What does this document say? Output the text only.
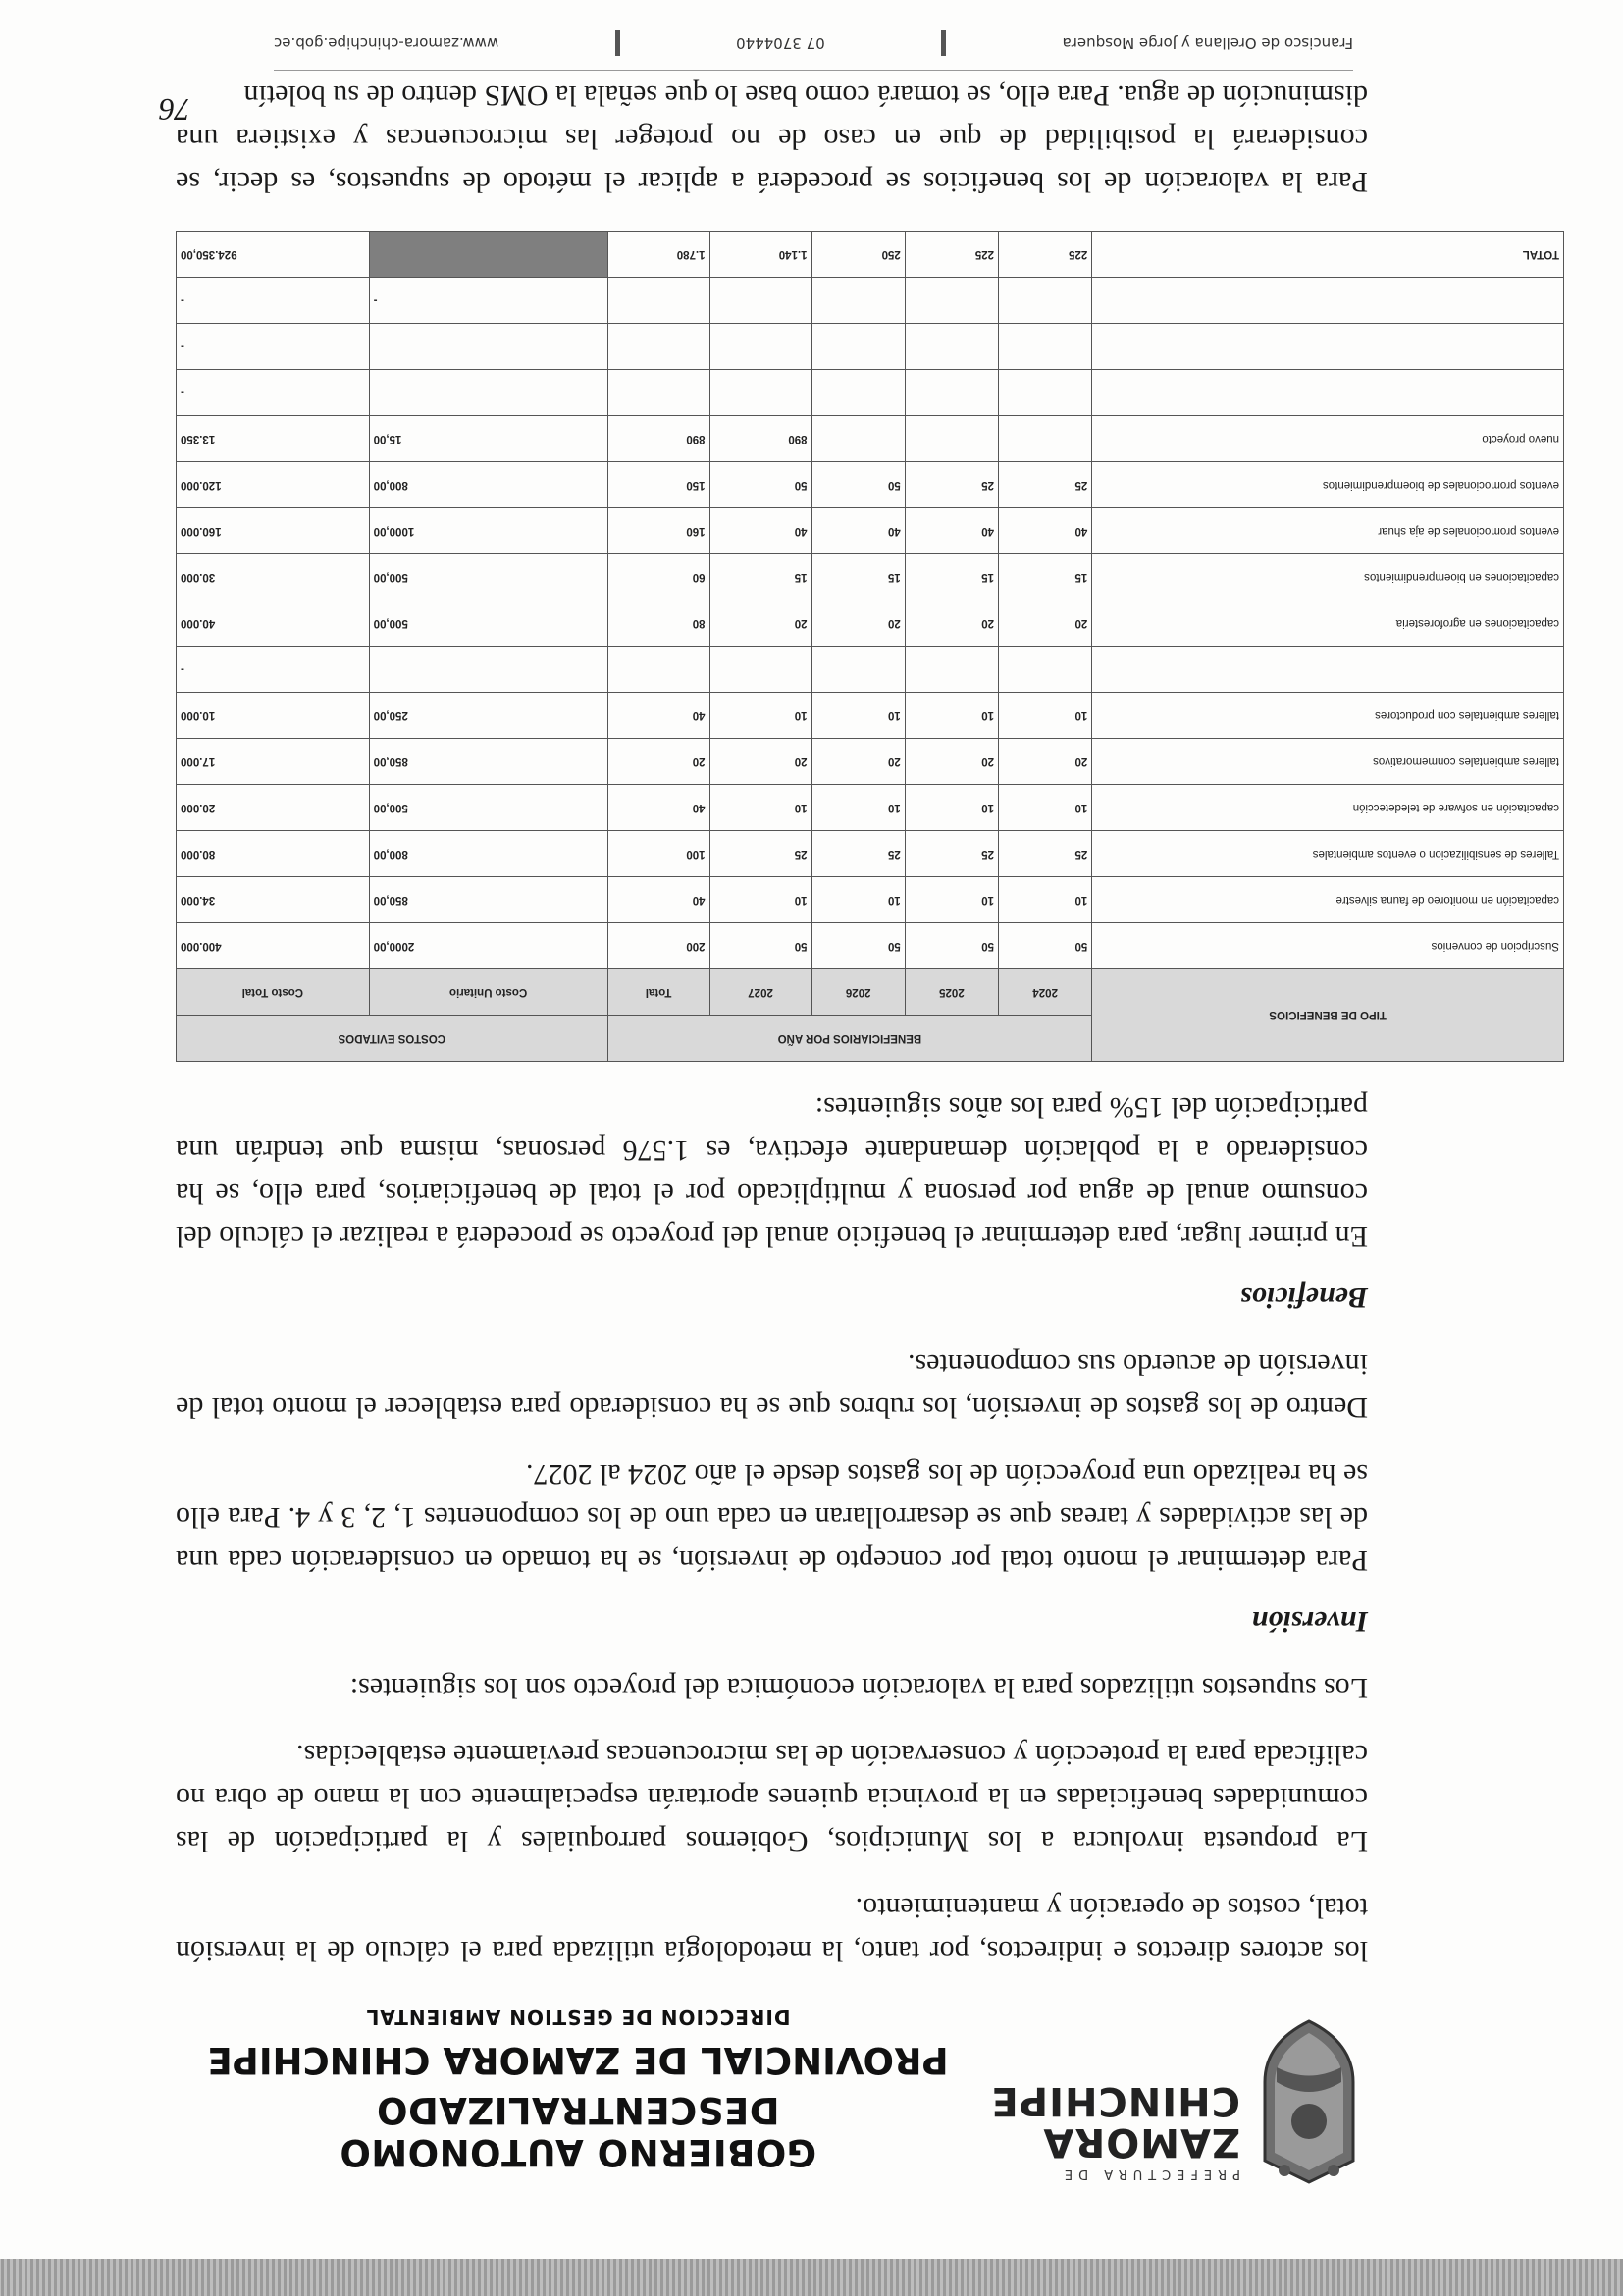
PREFECTURA DE
ZAMORA
CHINCHIPE
GOBIERNO AUTONOMO DESCENTRALIZADO
PROVINCIAL DE ZAMORA CHINCHIPE
DIRECCION DE GESTION AMBIENTAL

los actores directos e indirectos, por tanto, la metodología utilizada para el cálculo de la inversión total, costos de operación y mantenimiento.

La propuesta involucra a los Municipios, Gobiernos parroquiales y la participación de las comunidades beneficiadas en la provincia quienes aportarán especialmente con la mano de obra no calificada para la protección y conservación de las microcuencas previamente establecidas.

Los supuestos utilizados para la valoración económica del proyecto son los siguientes:

Inversión

Para determinar el monto total por concepto de inversión, se ha tomado en consideración cada una de las actividades y tareas que se desarrollaran en cada uno de los componentes 1, 2, 3 y 4. Para ello se ha realizado una proyección de los gastos desde el año 2024 al 2027.

Dentro de los gastos de inversión, los rubros que se ha considerado para establecer el monto total de inversión de acuerdo sus componentes.

Beneficios

En primer lugar, para determinar el beneficio anual del proyecto se procederá a realizar el cálculo del consumo anual de agua por persona y multiplicado por el total de beneficiarios, para ello, se ha considerado a la población demandante efectiva, es 1.576 personas, misma que tendrán una participación del 15% para los años siguientes:

TIPO DE BENEFICIOS	BENEFICIARIOS POR AÑO					COSTOS EVITADOS	
	2024	2025	2026	2027	Total	Costo Unitario	Costo Total
Suscripcion de convenios	50	50	50	50	200	2000,00	400.000
capacitación en monitoreo de fauna silvestre	10	10	10	10	40	850,00	34.000
Talleres de sensibilizacion o eventos ambientales	25	25	25	25	100	800,00	80.000
capacitación en sofware de teledetección	10	10	10	10	40	500,00	20.000
talleres ambientales conmemorativos	20	20	20	20	20	850,00	17.000
talleres ambientales con productores	10	10	10	10	40	250,00	10.000
							-
capacitaciones en agroforesteria	20	20	20	20	80	500,00	40.000
capacitaciones en bioemprendimientos	15	15	15	15	60	500,00	30.000
eventos promocionales de aja shuar	40	40	40	40	160	1000,00	160.000
eventos promocionales de bioemprendimientos	25	25	50	50	150	800,00	120.000
nuevo proyecto				890	890	15,00	13.350
							-
							-
						-	-
TOTAL	225	225	250	1.140	1.780		924.350,00

Para la valoración de los beneficios se procederá a aplicar el método de supuestos, es decir, se considerará la posibilidad de que en caso de no proteger las microcuencas y existiera una disminución de agua. Para ello, se tomará como base lo que señala la OMS dentro de su boletín

76
Francisco de Orellana y Jorge Mosquera
07 3704440
www.zamora-chinchipe.gob.ec
